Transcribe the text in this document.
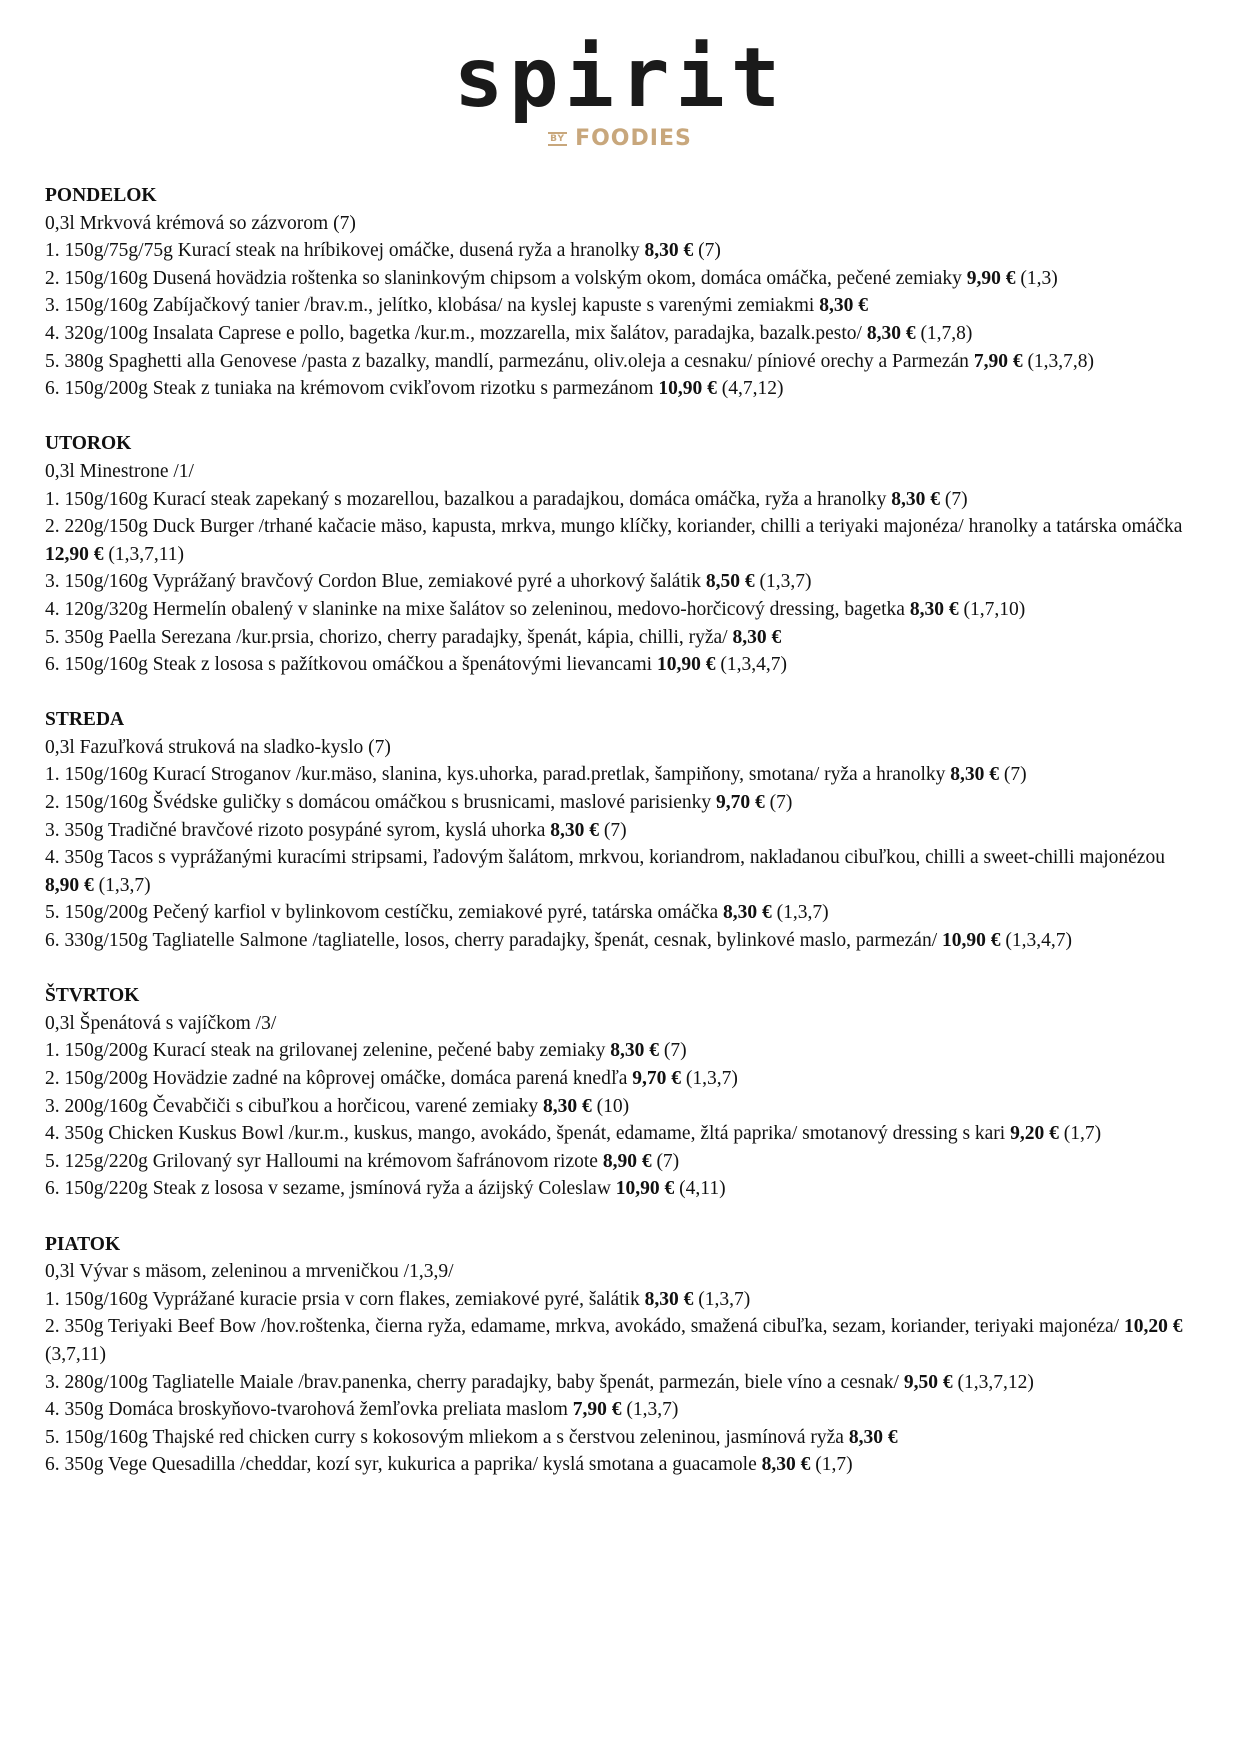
spirit
BY FOODIES
PONDELOK

0,3l Mrkvová krémová so zázvorom (7)

1. 150g/75g/75g Kurací steak na hríbikovej omáčke, dusená ryža a hranolky 8,30 € (7)

2. 150g/160g Dusená hovädzia roštenka so slaninkovým chipsom a volským okom, domáca omáčka, pečené zemiaky 9,90 € (1,3)

3. 150g/160g Zabíjačkový tanier /brav.m., jelítko, klobása/ na kyslej kapuste s varenými zemiakmi 8,30 €

4. 320g/100g Insalata Caprese e pollo, bagetka /kur.m., mozzarella, mix šalátov, paradajka, bazalk.pesto/ 8,30 € (1,7,8)

5. 380g Spaghetti alla Genovese /pasta z bazalky, mandlí, parmezánu, oliv.oleja a cesnaku/ píniové orechy a Parmezán 7,90 € (1,3,7,8)

6. 150g/200g Steak z tuniaka na krémovom cvikľovom rizotku s parmezánom 10,90 € (4,7,12)

UTOROK

0,3l Minestrone /1/

1. 150g/160g Kurací steak zapekaný s mozarellou, bazalkou a paradajkou, domáca omáčka, ryža a hranolky 8,30 € (7)

2. 220g/150g Duck Burger /trhané kačacie mäso, kapusta, mrkva, mungo klíčky, koriander, chilli a teriyaki majonéza/ hranolky a tatárska omáčka 12,90 € (1,3,7,11)

3. 150g/160g Vyprážaný bravčový Cordon Blue, zemiakové pyré a uhorkový šalátik 8,50 € (1,3,7)

4. 120g/320g Hermelín obalený v slaninke na mixe šalátov so zeleninou, medovo-horčicový dressing, bagetka 8,30 € (1,7,10)

5. 350g Paella Serezana /kur.prsia, chorizo, cherry paradajky, špenát, kápia, chilli, ryža/ 8,30 €

6. 150g/160g Steak z lososa s pažítkovou omáčkou a špenátovými lievancami 10,90 € (1,3,4,7)

STREDA

0,3l Fazuľková struková na sladko-kyslo (7)

1. 150g/160g Kurací Stroganov /kur.mäso, slanina, kys.uhorka, parad.pretlak, šampiňony, smotana/ ryža a hranolky 8,30 € (7)

2. 150g/160g Švédske guličky s domácou omáčkou s brusnicami, maslové parisienky 9,70 € (7)

3. 350g Tradičné bravčové rizoto posypáné syrom, kyslá uhorka 8,30 € (7)

4. 350g Tacos s vyprážanými kuracími stripsami, ľadovým šalátom, mrkvou, koriandrom, nakladanou cibuľkou, chilli a sweet-chilli majonézou 8,90 € (1,3,7)

5. 150g/200g Pečený karfiol v bylinkovom cestíčku, zemiakové pyré, tatárska omáčka 8,30 € (1,3,7)

6. 330g/150g Tagliatelle Salmone /tagliatelle, losos, cherry paradajky, špenát, cesnak, bylinkové maslo, parmezán/ 10,90 € (1,3,4,7)

ŠTVRTOK

0,3l Špenátová s vajíčkom /3/

1. 150g/200g Kurací steak na grilovanej zelenine, pečené baby zemiaky 8,30 € (7)

2. 150g/200g Hovädzie zadné na kôprovej omáčke, domáca parená knedľa 9,70 € (1,3,7)

3. 200g/160g Čevabčiči s cibuľkou a horčicou, varené zemiaky 8,30 € (10)

4. 350g Chicken Kuskus Bowl /kur.m., kuskus, mango, avokádo, špenát, edamame, žltá paprika/ smotanový dressing s kari 9,20 € (1,7)

5. 125g/220g Grilovaný syr Halloumi na krémovom šafránovom rizote 8,90 € (7)

6. 150g/220g Steak z lososa v sezame, jsmínová ryža a ázijský Coleslaw 10,90 € (4,11)

PIATOK

0,3l Vývar s mäsom, zeleninou a mrveničkou /1,3,9/

1. 150g/160g Vyprážané kuracie prsia v corn flakes, zemiakové pyré, šalátik 8,30 € (1,3,7)

2. 350g Teriyaki Beef Bow /hov.roštenka, čierna ryža, edamame, mrkva, avokádo, smažená cibuľka, sezam, koriander, teriyaki majonéza/ 10,20 € (3,7,11)

3. 280g/100g Tagliatelle Maiale /brav.panenka, cherry paradajky, baby špenát, parmezán, biele víno a cesnak/ 9,50 € (1,3,7,12)

4. 350g Domáca broskyňovo-tvarohová žemľovka preliata maslom 7,90 € (1,3,7)

5. 150g/160g Thajské red chicken curry s kokosovým mliekom a s čerstvou zeleninou, jasmínová ryža 8,30 €

6. 350g Vege Quesadilla /cheddar, kozí syr, kukurica a paprika/ kyslá smotana a guacamole 8,30 € (1,7)
